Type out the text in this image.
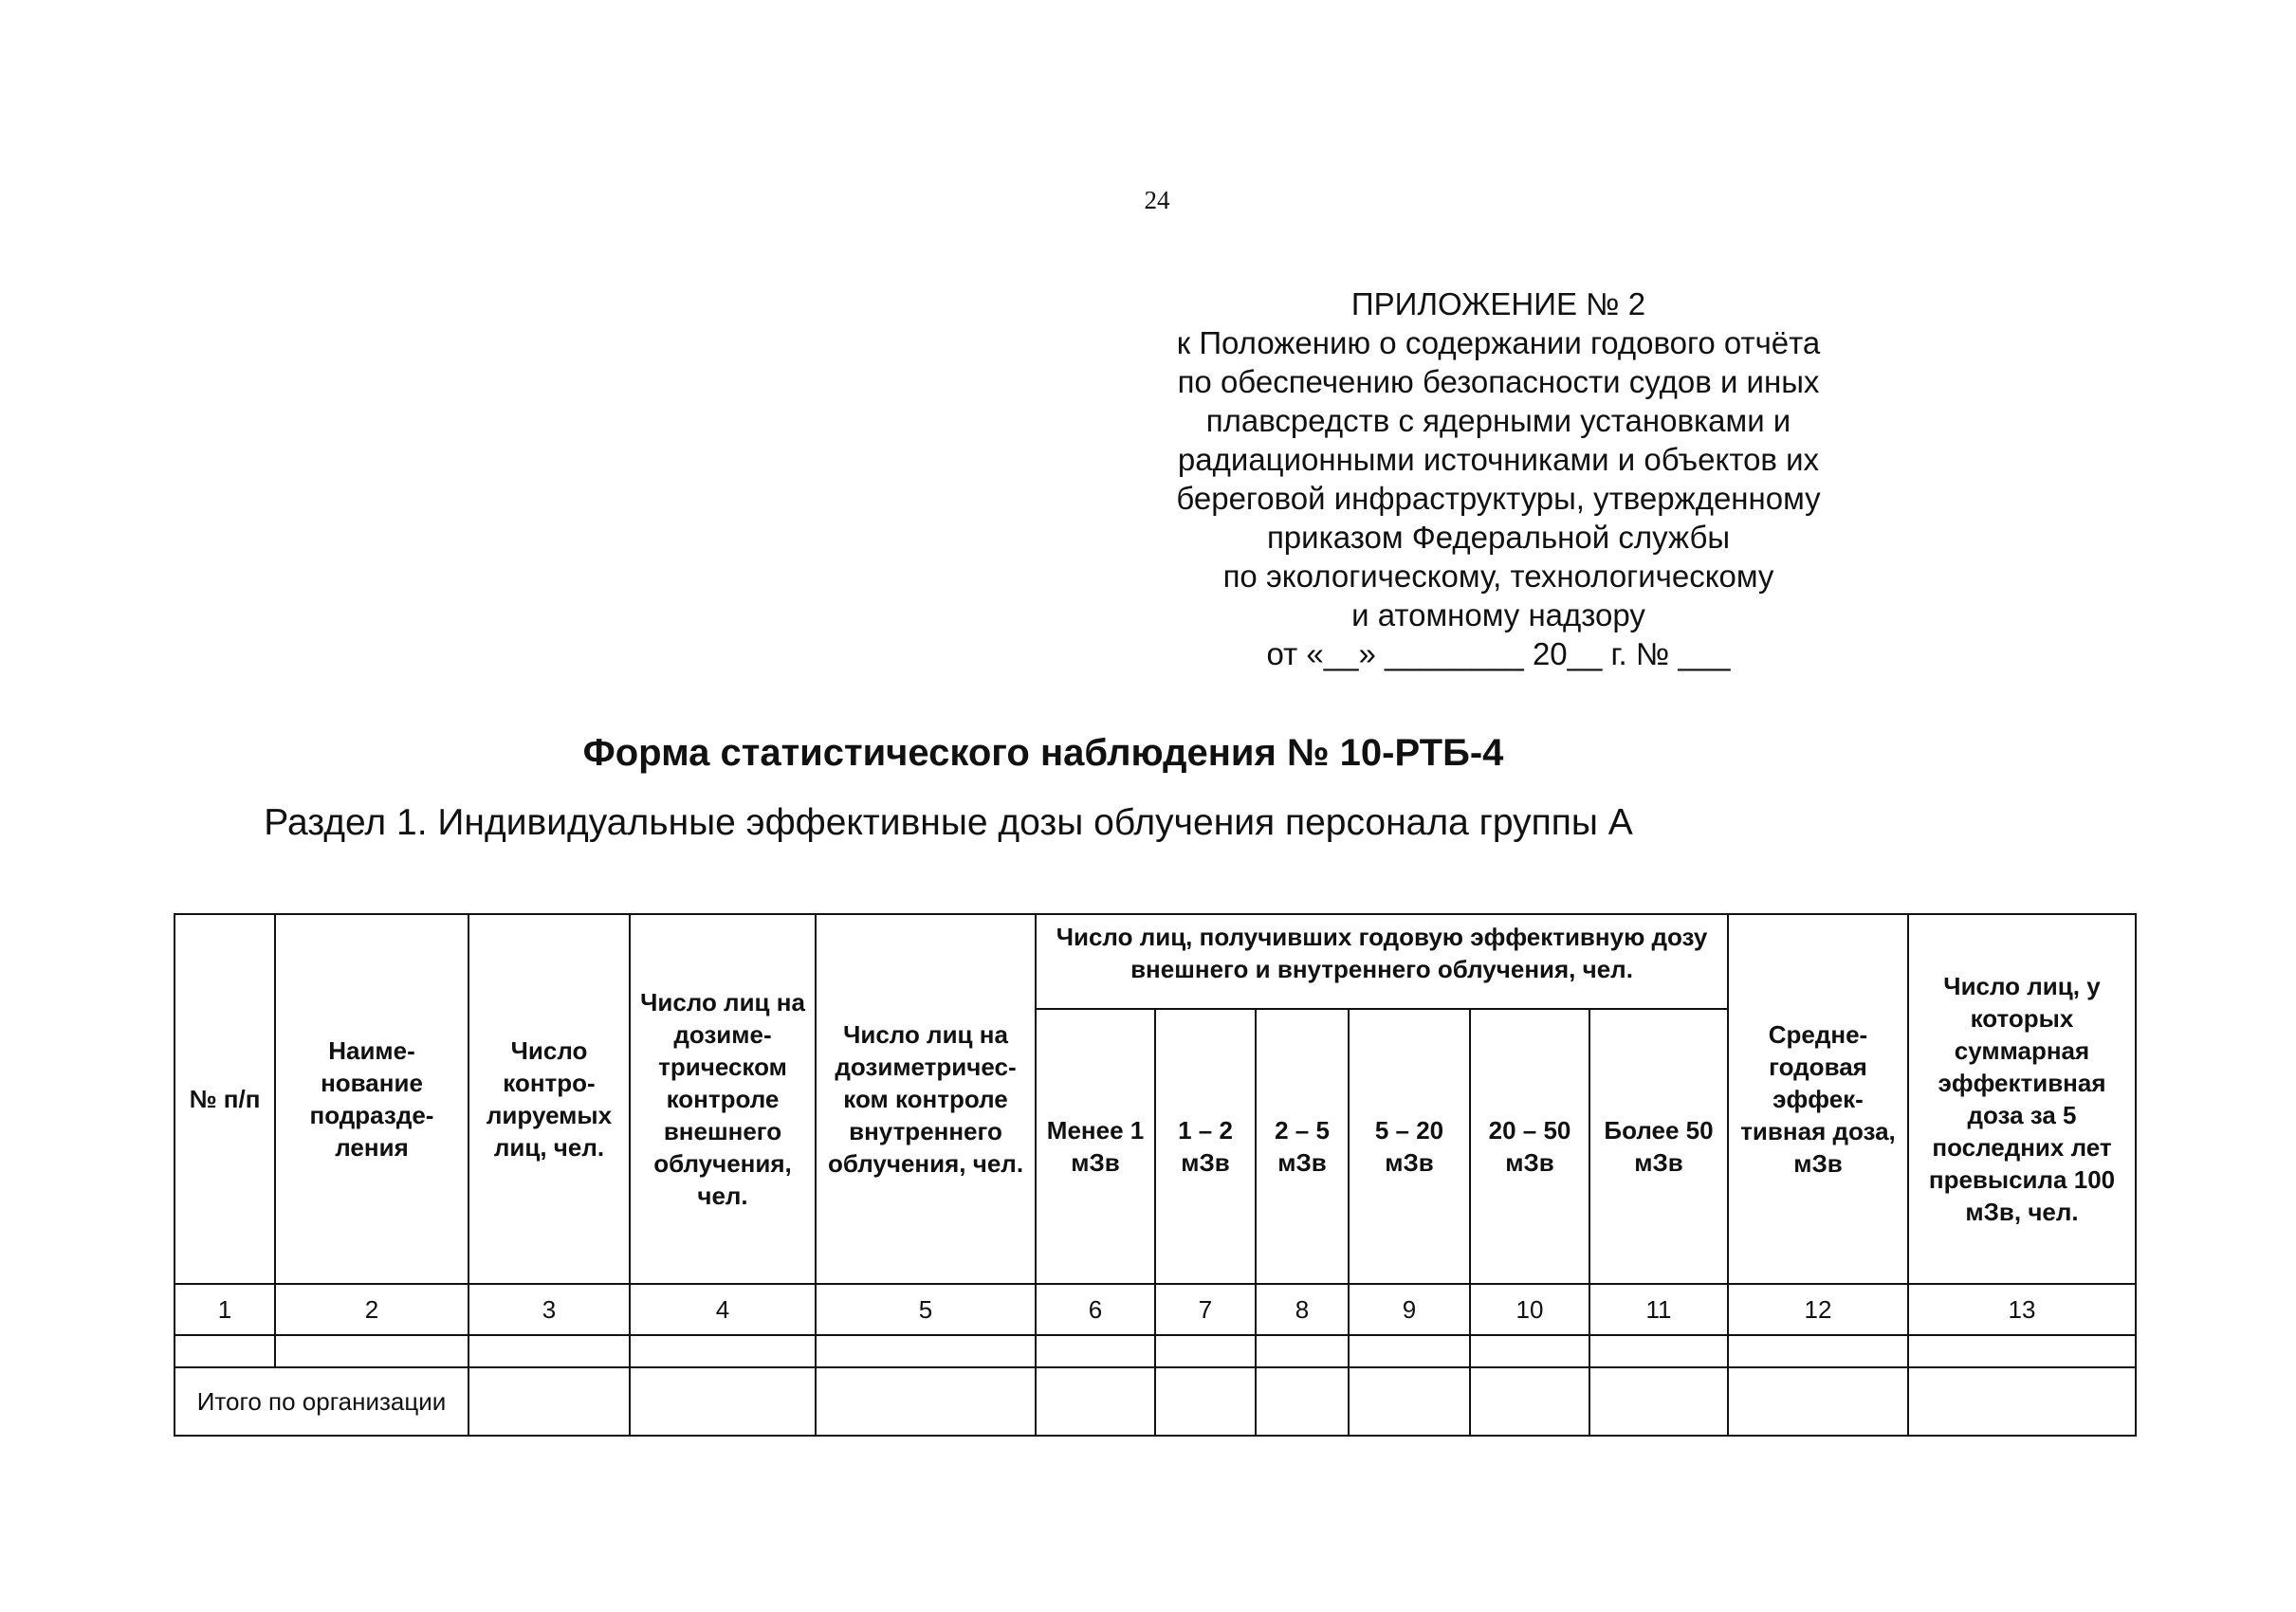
24
ПРИЛОЖЕНИЕ № 2
к Положению о содержании годового отчёта
по обеспечению безопасности судов и иных
плавсредств с ядерными установками и
радиационными источниками и объектов их
береговой инфраструктуры, утвержденному
приказом Федеральной службы
по экологическому, технологическому
и атомному надзору
от «__» ________ 20__ г. № ___
Форма статистического наблюдения № 10-РТБ-4
Раздел 1. Индивидуальные эффективные дозы облучения персонала группы А
№ п/п	Наиме-нование подразде-ления	Число контро-лируемых лиц, чел.	Число лиц на дозиме-трическом контроле внешнего облучения, чел.	Число лиц на дозиметричес-ком контроле внутреннего облучения, чел.	Число лиц, получивших годовую эффективную дозу внешнего и внутреннего облучения, чел.						Средне-годовая эффек-тивная доза, мЗв	Число лиц, у которых суммарная эффективная доза за 5 последних лет превысила 100 мЗв, чел.

					Менее 1 мЗв	1 – 2 мЗв	2 – 5 мЗв	5 – 20 мЗв	20 – 50 мЗв	Более 50 мЗв		

1	2	3	4	5	6	7	8	9	10	11	12	13

Итого по организации												
